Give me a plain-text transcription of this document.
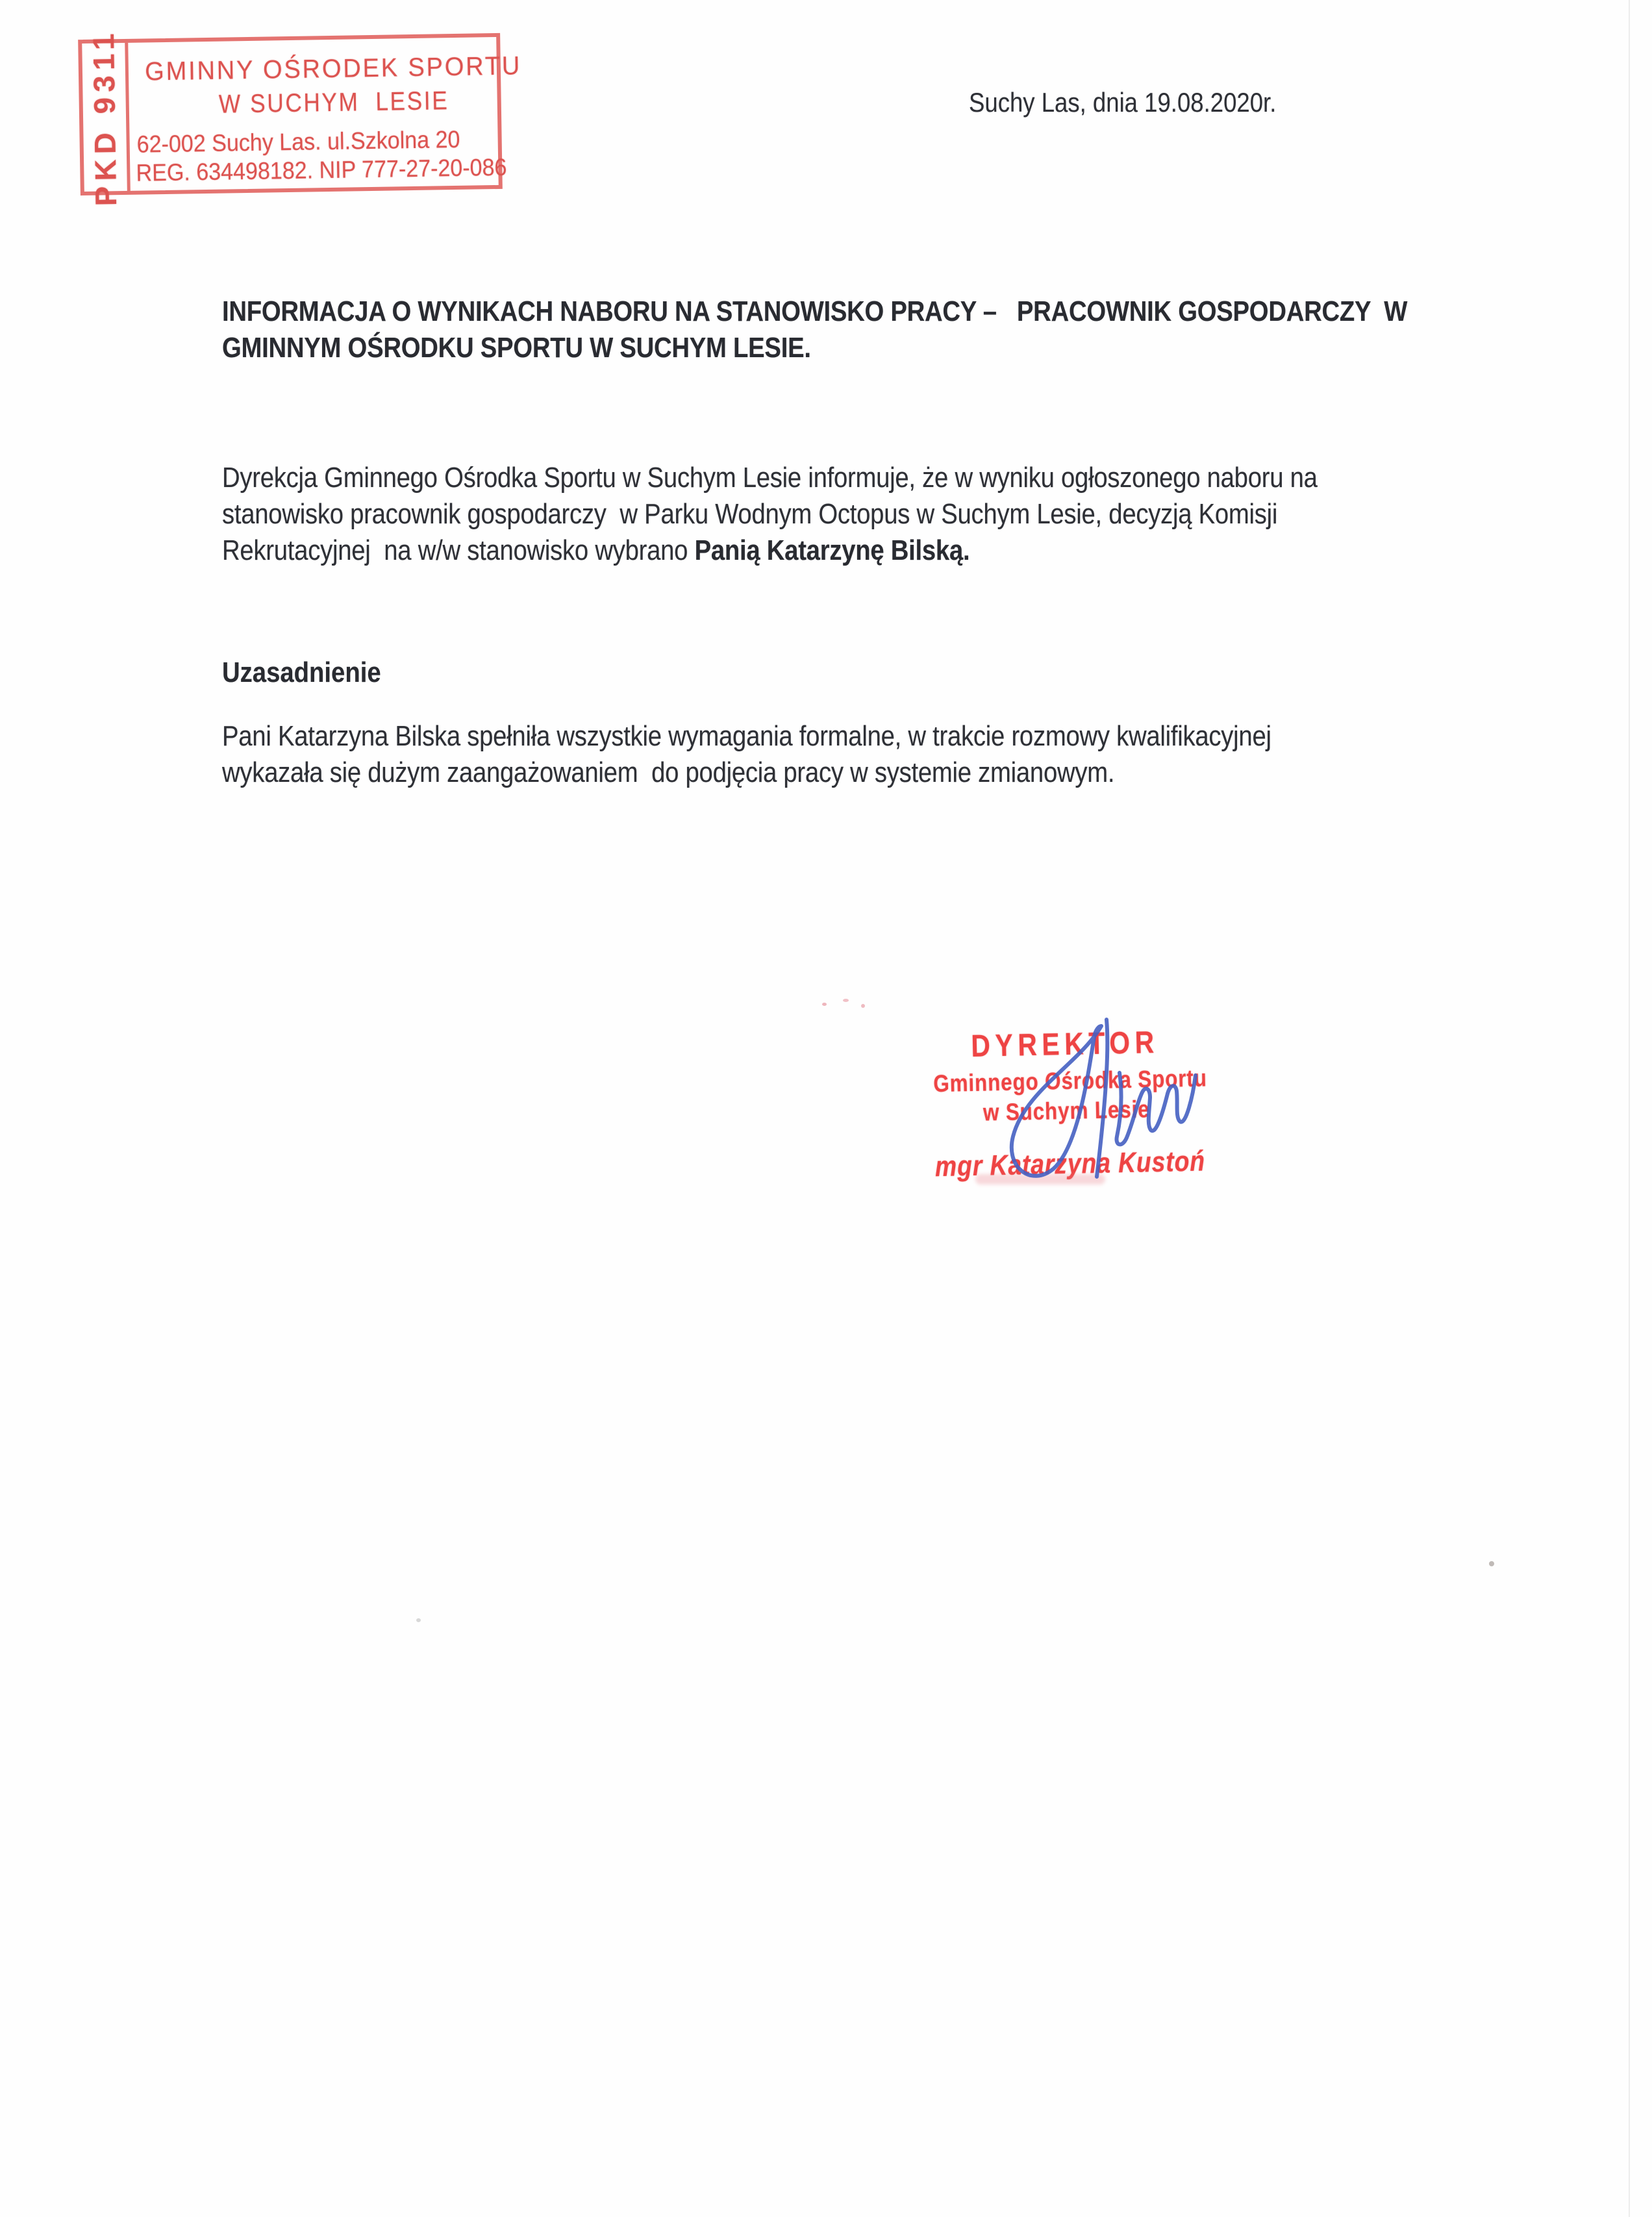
PKD 9311 GMINNY OŚRODEK SPORTU
W SUCHYM  LESIE
62-002 Suchy Las. ul.Szkolna 20
REG. 634498182. NIP 777-27-20-086
Suchy Las, dnia 19.08.2020r.
INFORMACJA O WYNIKACH NABORU NA STANOWISKO PRACY –   PRACOWNIK GOSPODARCZY  W
GMINNYM OŚRODKU SPORTU W SUCHYM LESIE.
Dyrekcja Gminnego Ośrodka Sportu w Suchym Lesie informuje, że w wyniku ogłoszonego naboru na
stanowisko pracownik gospodarczy  w Parku Wodnym Octopus w Suchym Lesie, decyzją Komisji
Rekrutacyjnej  na w/w stanowisko wybrano Panią Katarzynę Bilską.
Uzasadnienie
Pani Katarzyna Bilska spełniła wszystkie wymagania formalne, w trakcie rozmowy kwalifikacyjnej
wykazała się dużym zaangażowaniem  do podjęcia pracy w systemie zmianowym.
DYREKTOR
Gminnego Ośrodka Sportu
w Suchym Lesie
mgr Katarzyna Kustoń
